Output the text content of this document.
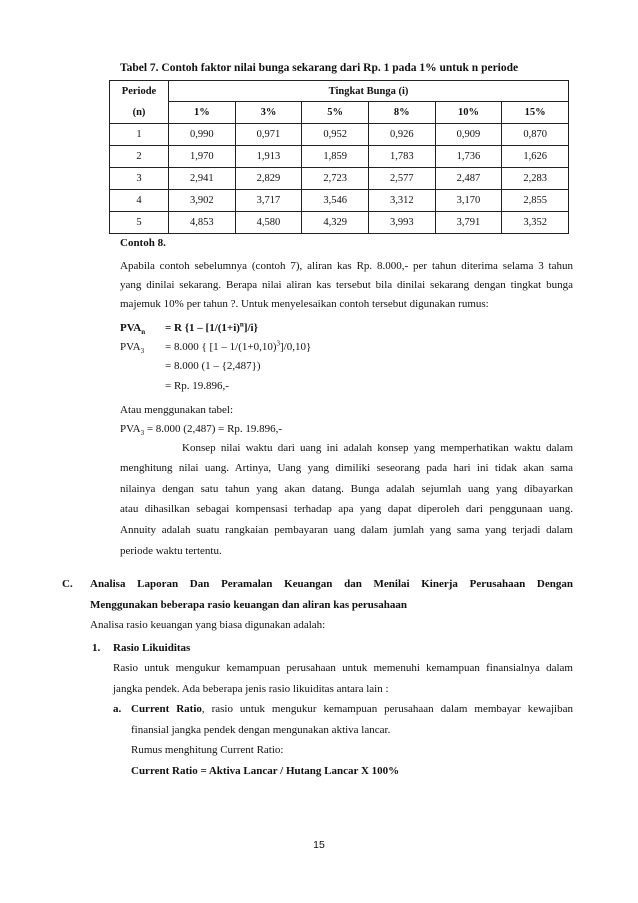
Tabel 7. Contoh faktor nilai bunga sekarang dari Rp. 1 pada 1% untuk n periode
Periode	Tingkat Bunga (i)					
(n)	1%	3%	5%	8%	10%	15%
1	0,990	0,971	0,952	0,926	0,909	0,870
2	1,970	1,913	1,859	1,783	1,736	1,626
3	2,941	2,829	2,723	2,577	2,487	2,283
4	3,902	3,717	3,546	3,312	3,170	2,855
5	4,853	4,580	4,329	3,993	3,791	3,352
Contoh 8.
Apabila contoh sebelumnya (contoh 7), aliran kas Rp. 8.000,- per tahun diterima selama 3 tahun
yang dinilai sekarang. Berapa nilai aliran kas tersebut bila dinilai sekarang dengan tingkat bunga
majemuk 10% per tahun ?. Untuk menyelesaikan contoh tersebut digunakan rumus:
$PVA_n = R$ $\{1 - [1/(1+i)^n]/i\}$
$PVA_3 = 8.000$ { $[1 - 1/(1+0,10)^3]/0,10$}
= 8.000 (1 – {2,487})
= Rp. 19.896,-
Atau menggunakan tabel:
$PVA_3 = 8.000$ (2,487) = Rp. 19.896,-
Konsep nilai waktu dari uang ini adalah konsep yang memperhatikan waktu dalam
menghitung nilai uang. Artinya, Uang yang dimiliki seseorang pada hari ini tidak akan sama
nilainya dengan satu tahun yang akan datang. Bunga adalah sejumlah uang yang dibayarkan
atau dihasilkan sebagai kompensasi terhadap apa yang dapat diperoleh dari penggunaan uang.
Annuity adalah suatu rangkaian pembayaran uang dalam jumlah yang sama yang terjadi dalam
periode waktu tertentu.
C. Analisa Laporan Dan Peramalan Keuangan dan Menilai Kinerja Perusahaan Dengan
Menggunakan beberapa rasio keuangan dan aliran kas perusahaan
Analisa rasio keuangan yang biasa digunakan adalah:
1. Rasio Likuiditas
Rasio untuk mengukur kemampuan perusahaan untuk memenuhi kemampuan finansialnya dalam
jangka pendek. Ada beberapa jenis rasio likuiditas antara lain :
a. Current Ratio, rasio untuk mengukur kemampuan perusahaan dalam membayar kewajiban
finansial jangka pendek dengan mengunakan aktiva lancar.
Rumus menghitung Current Ratio:
Current Ratio = Aktiva Lancar / Hutang Lancar X 100%
15
